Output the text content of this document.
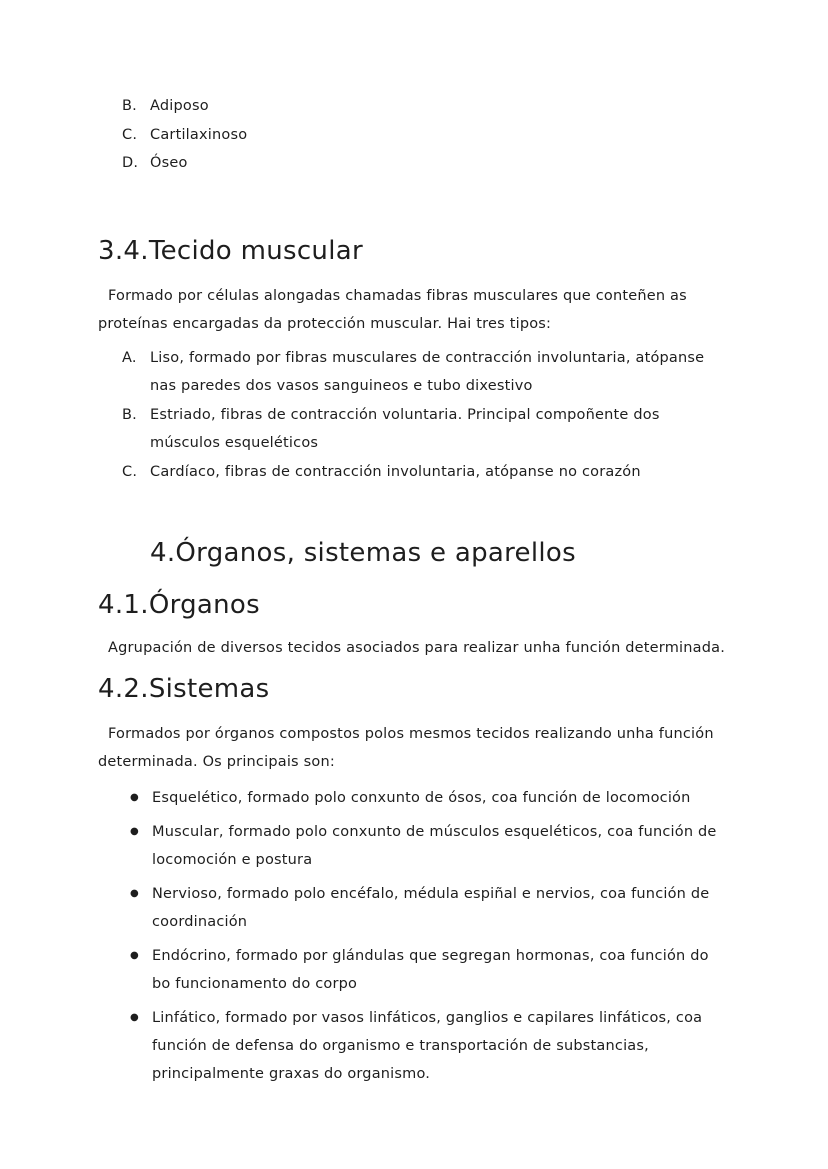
B. Adiposo
C. Cartilaxinoso
D. Óseo
3.4.Tecido muscular

Formado por células alongadas chamadas fibras musculares que conteñen as proteínas encargadas da protección muscular. Hai tres tipos:

A. Liso, formado por fibras musculares de contracción involuntaria, atópanse nas paredes dos vasos sanguineos e tubo dixestivo
B. Estriado, fibras de contracción voluntaria. Principal compoñente dos músculos esqueléticos
C. Cardíaco, fibras de contracción involuntaria, atópanse no corazón
4.Órganos, sistemas e aparellos
4.1.Órganos

Agrupación de diversos tecidos asociados para realizar unha función determinada.

4.2.Sistemas

Formados por órganos compostos polos mesmos tecidos realizando unha función determinada. Os principais son:

● Esquelético, formado polo conxunto de ósos, coa función de locomoción
● Muscular, formado polo conxunto de músculos esqueléticos, coa función de locomoción e postura
● Nervioso, formado polo encéfalo, médula espiñal e nervios, coa función de coordinación
● Endócrino, formado por glándulas que segregan hormonas, coa función do bo funcionamento do corpo
● Linfático, formado por vasos linfáticos, ganglios e capilares linfáticos, coa función de defensa do organismo e transportación de substancias, principalmente graxas do organismo.
